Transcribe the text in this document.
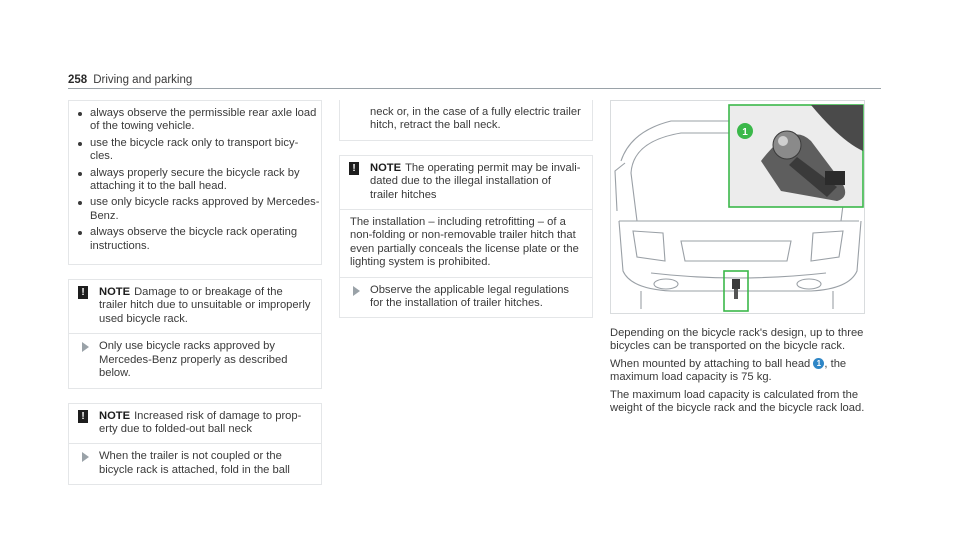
258 Driving and parking
always observe the permissible rear axle load of the towing vehicle.
use the bicycle rack only to transport bicy- cles.
always properly secure the bicycle rack by attaching it to the ball head.
use only bicycle racks approved by Mercedes-Benz.
always observe the bicycle rack operating instructions.
! NOTE Damage to or breakage of the trailer hitch due to unsuitable or improperly used bicycle rack.
Only use bicycle racks approved by Mercedes-Benz properly as described below.
! NOTE Increased risk of damage to prop- erty due to folded-out ball neck
When the trailer is not coupled or the bicycle rack is attached, fold in the ball
neck or, in the case of a fully electric trailer hitch, retract the ball neck.
! NOTE The operating permit may be invali- dated due to the illegal installation of trailer hitches
The installation – including retrofitting – of a non-folding or non-removable trailer hitch that even partially conceals the license plate or the lighting system is prohibited.
Observe the applicable legal regulations for the installation of trailer hitches.
1

Depending on the bicycle rack's design, up to three bicycles can be transported on the bicycle rack.

When mounted by attaching to ball head 1 , the maximum load capacity is 75 kg.

The maximum load capacity is calculated from the weight of the bicycle rack and the bicycle rack load.
